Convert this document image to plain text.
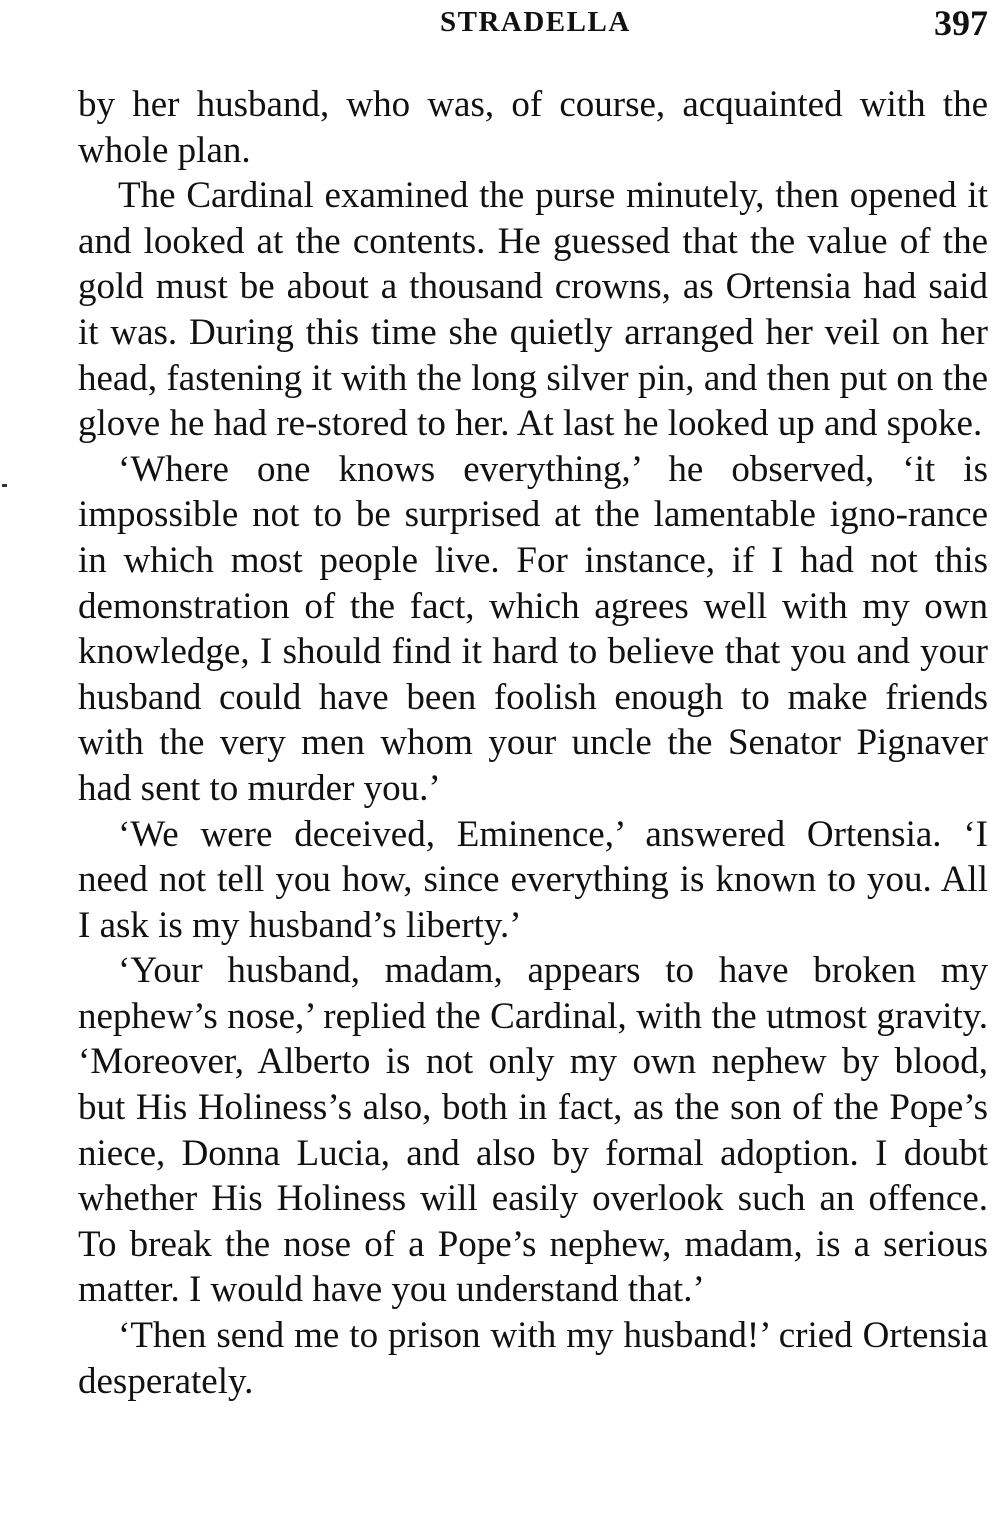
STRADELLA	397

by her husband, who was, of course, acquainted with the whole plan.

The Cardinal examined the purse minutely, then opened it and looked at the contents. He guessed that the value of the gold must be about a thousand crowns, as Ortensia had said it was. During this time she quietly arranged her veil on her head, fastening it with the long silver pin, and then put on the glove he had re-stored to her. At last he looked up and spoke.

‘Where one knows everything,’ he observed, ‘it is impossible not to be surprised at the lamentable igno-rance in which most people live. For instance, if I had not this demonstration of the fact, which agrees well with my own knowledge, I should find it hard to believe that you and your husband could have been foolish enough to make friends with the very men whom your uncle the Senator Pignaver had sent to murder you.’

‘We were deceived, Eminence,’ answered Ortensia. ‘I need not tell you how, since everything is known to you. All I ask is my husband’s liberty.’

‘Your husband, madam, appears to have broken my nephew’s nose,’ replied the Cardinal, with the utmost gravity. ‘Moreover, Alberto is not only my own nephew by blood, but His Holiness’s also, both in fact, as the son of the Pope’s niece, Donna Lucia, and also by formal adoption. I doubt whether His Holiness will easily overlook such an offence. To break the nose of a Pope’s nephew, madam, is a serious matter. I would have you understand that.’

‘Then send me to prison with my husband!’ cried Ortensia desperately.
